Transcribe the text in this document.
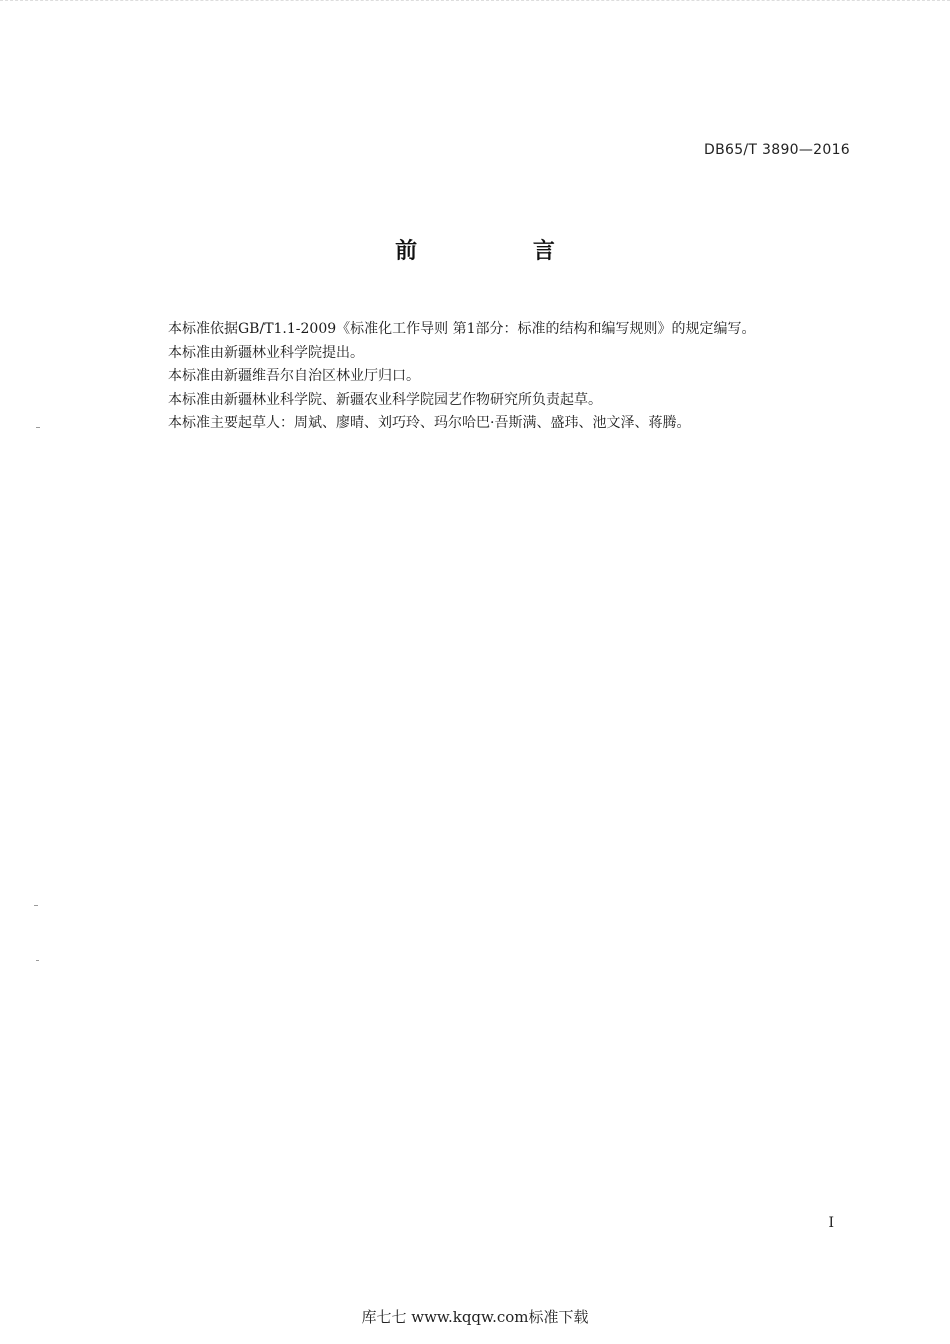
DB65/T 3890—2016
前 言

本标准依据GB/T1.1-2009《标准化工作导则 第1部分：标准的结构和编写规则》的规定编写。

本标准由新疆林业科学院提出。

本标准由新疆维吾尔自治区林业厅归口。

本标准由新疆林业科学院、新疆农业科学院园艺作物研究所负责起草。

本标准主要起草人：周斌、廖晴、刘巧玲、玛尔哈巴·吾斯满、盛玮、池文泽、蒋腾。

I
库七七 www.kqqw.com标准下载
